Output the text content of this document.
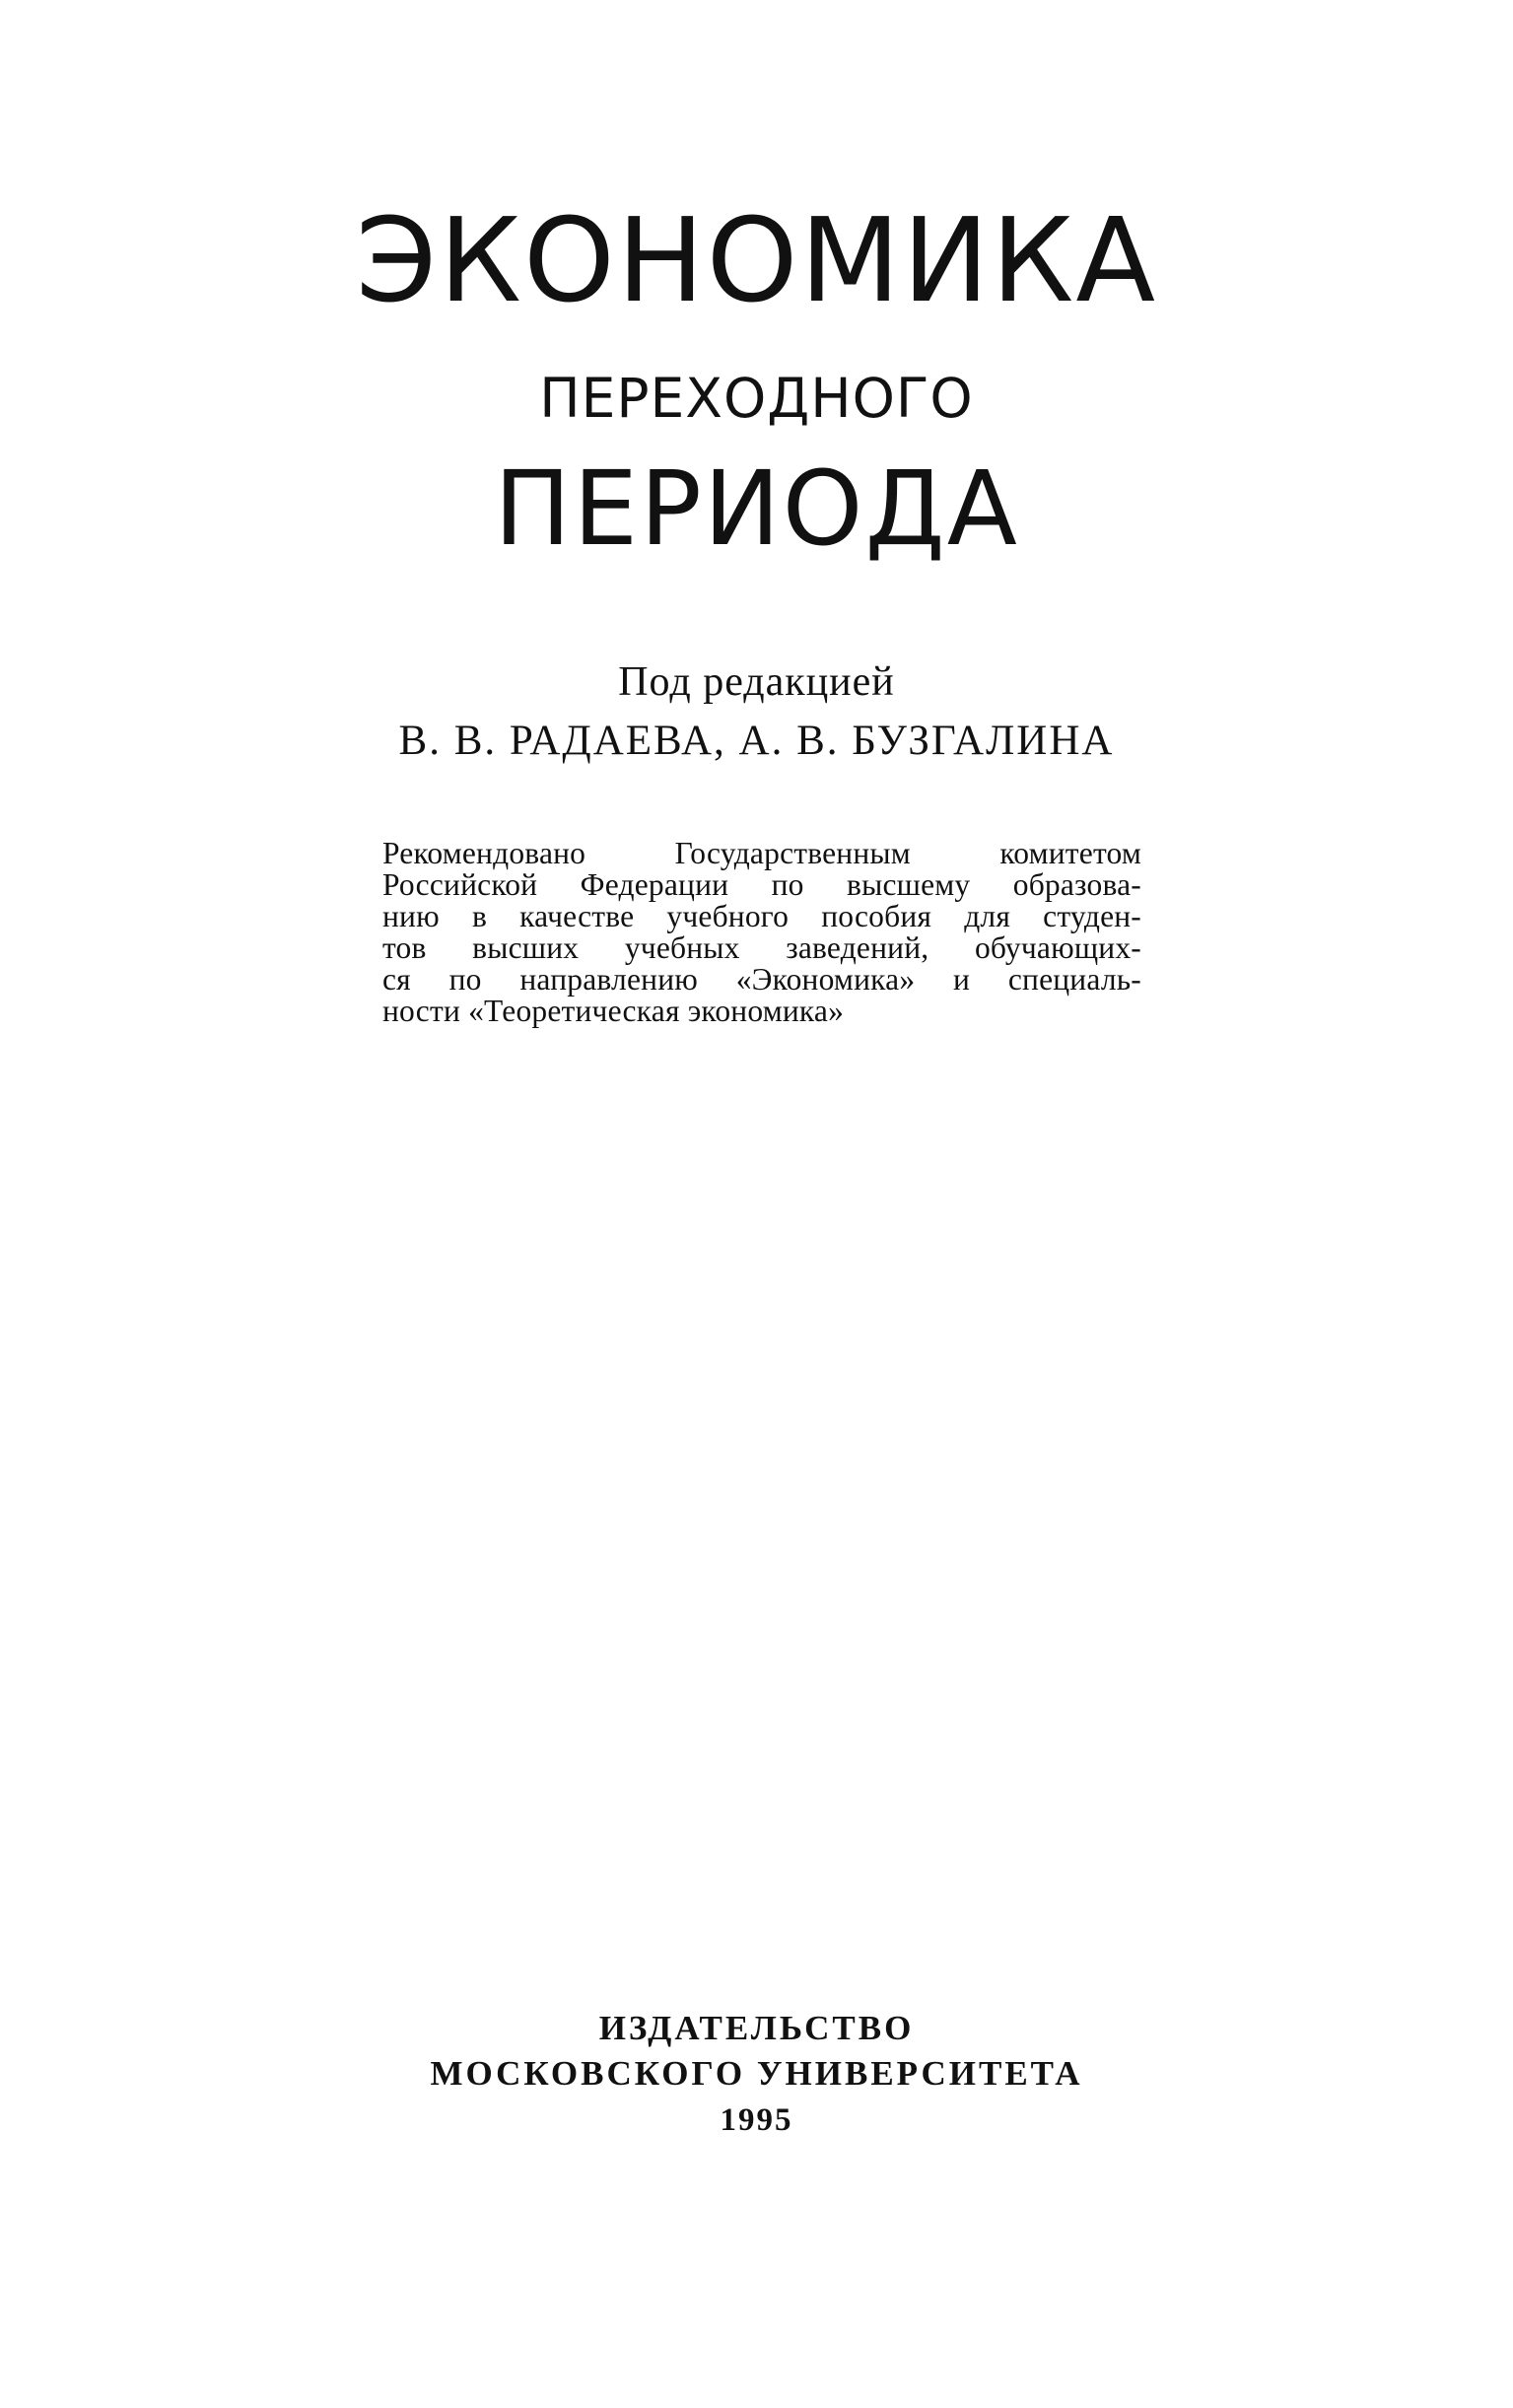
ЭКОНОМИКА
ПЕРЕХОДНОГО
ПЕРИОДА
Под редакцией
В. В. РАДАЕВА, А. В. БУЗГАЛИНА
Рекомендовано Государственным комитетом
Российской Федерации по высшему образова-
нию в качестве учебного пособия для студен-
тов высших учебных заведений, обучающих-
ся по направлению «Экономика» и специаль-
ности «Теоретическая экономика»
ИЗДАТЕЛЬСТВО
МОСКОВСКОГО УНИВЕРСИТЕТА
1995
